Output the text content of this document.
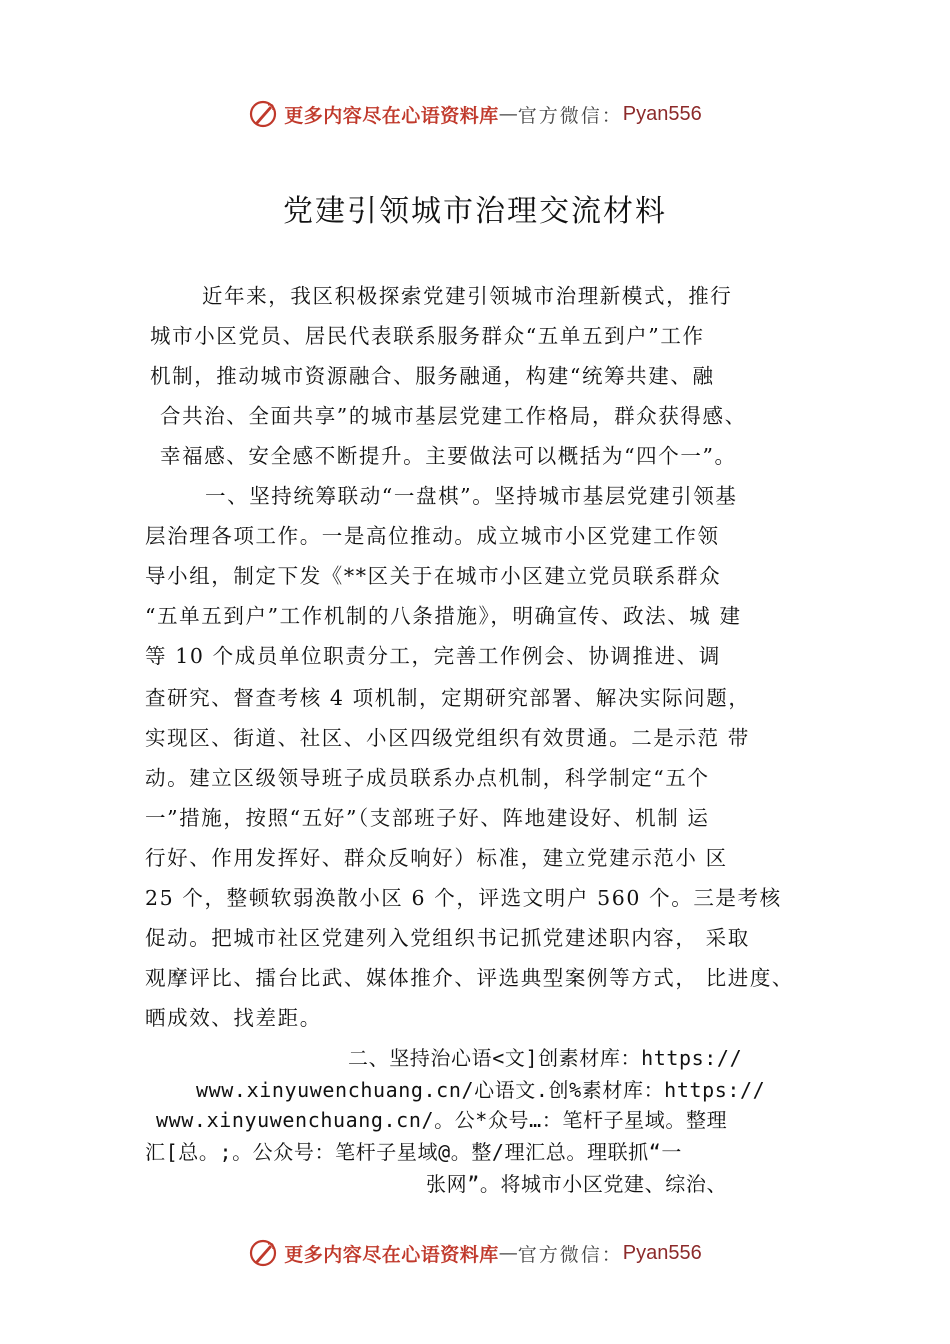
更多内容尽在心语资料库 — 官方微信： Pyan556
党建引领城市治理交流材料
近年来，我区积极探索党建引领城市治理新模式，推行
城市小区党员、居民代表联系服务群众“五单五到户”工作
机制，推动城市资源融合、服务融通，构建“统筹共建、融
合共治、全面共享”的城市基层党建工作格局，群众获得感、
幸福感、安全感不断提升。主要做法可以概括为“四个一”。
一、坚持统筹联动“一盘棋”。坚持城市基层党建引领基
层治理各项工作。一是高位推动。成立城市小区党建工作领
导小组，制定下发《**区关于在城市小区建立党员联系群众
“五单五到户”工作机制的八条措施》，明确宣传、政法、城 建
等 10 个成员单位职责分工，完善工作例会、协调推进、调
查研究、督查考核 4 项机制，定期研究部署、解决实际问题，
实现区、街道、社区、小区四级党组织有效贯通。二是示范 带
动。建立区级领导班子成员联系办点机制，科学制定“五个
一”措施，按照“五好”（支部班子好、阵地建设好、机制 运
行好、作用发挥好、群众反响好）标准，建立党建示范小 区
25 个，整顿软弱涣散小区 6 个，评选文明户 560 个。三是考核
促动。把城市社区党建列入党组织书记抓党建述职内容， 采取
观摩评比、擂台比武、媒体推介、评选典型案例等方式， 比进度、
晒成效、找差距。
二、坚持治心语<文]创素材库：https://
www.xinyuwenchuang.cn/心语文.创%素材库：https://
www.xinyuwenchuang.cn/。公*众号…：笔杆子星域。整理
汇[总。;。公众号：笔杆子星域@。整/理汇总。理联抓“一
张网”。将城市小区党建、综治、
更多内容尽在心语资料库 — 官方微信： Pyan556
